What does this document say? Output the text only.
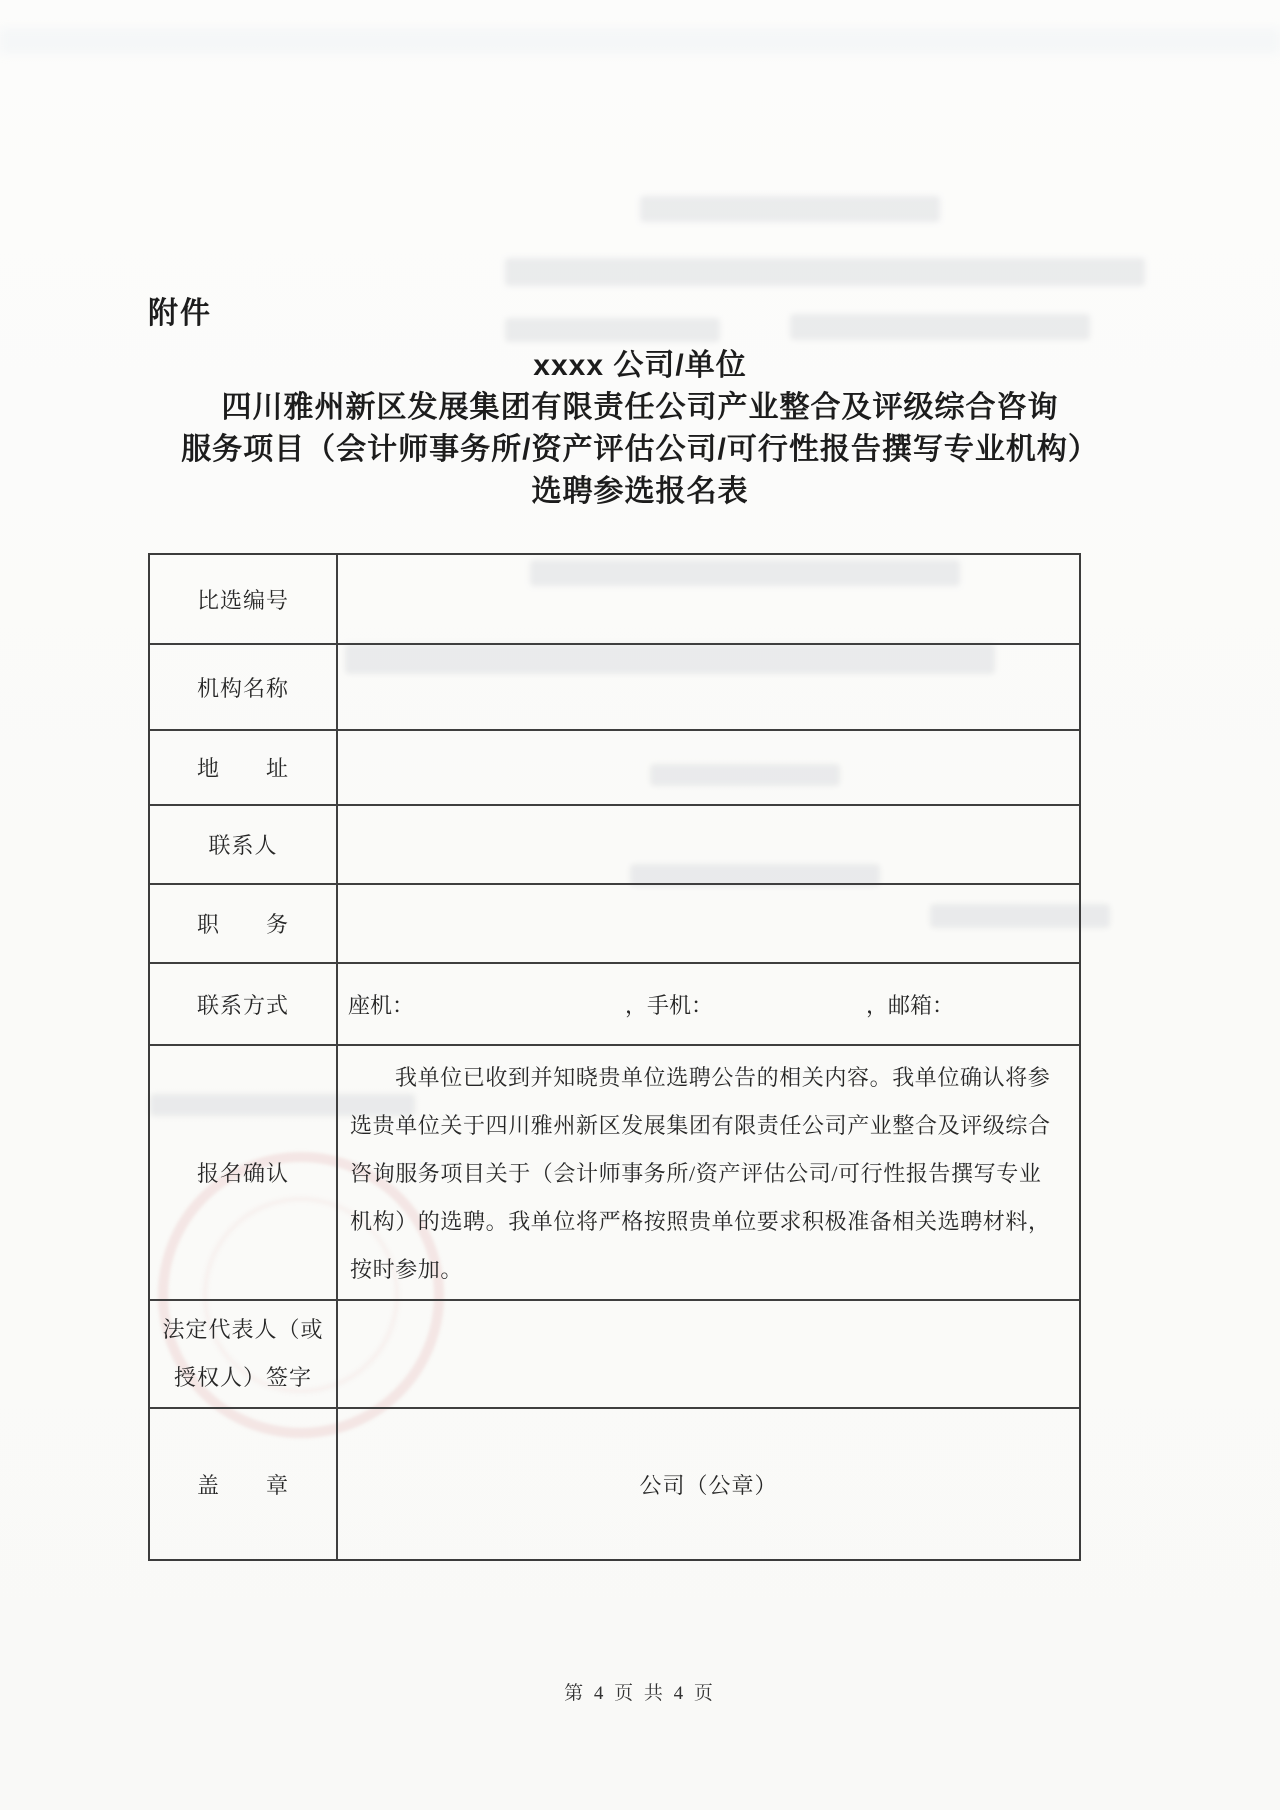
附件
xxxx 公司/单位
四川雅州新区发展集团有限责任公司产业整合及评级综合咨询
服务项目（会计师事务所/资产评估公司/可行性报告撰写专业机构）
选聘参选报名表
比选编号
机构名称
地　　址
联系人
职　　务
联系方式	座机：	，手机：	，邮箱：
报名确认
我单位已收到并知晓贵单位选聘公告的相关内容。我单位确认将参
选贵单位关于四川雅州新区发展集团有限责任公司产业整合及评级综合
咨询服务项目关于（会计师事务所/资产评估公司/可行性报告撰写专业
机构）的选聘。我单位将严格按照贵单位要求积极准备相关选聘材料，
按时参加。
法定代表人（或
授权人）签字
盖　　章	公司（公章）
第 4 页 共 4 页
